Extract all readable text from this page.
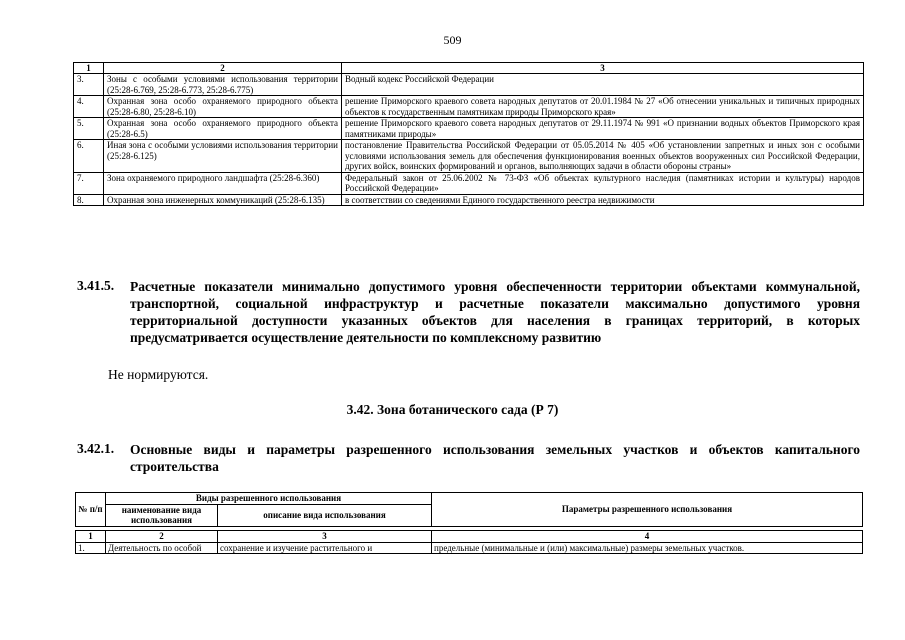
509
1	2	3
3.	Зоны с особыми условиями использования территории (25:28-6.769, 25:28-6.773, 25:28-6.775)	Водный кодекс Российской Федерации
4.	Охранная зона особо охраняемого природного объекта (25:28-6.80, 25:28-6.10)	решение Приморского краевого совета народных депутатов от 20.01.1984 № 27 «Об отнесении уникальных и типичных природных объектов к государственным памятникам природы Приморского края»
5.	Охранная зона особо охраняемого природного объекта (25:28-6.5)	решение Приморского краевого совета народных депутатов от 29.11.1974 № 991 «О признании водных объектов Приморского края памятниками природы»
6.	Иная зона с особыми условиями использования территории (25:28-6.125)	постановление Правительства Российской Федерации от 05.05.2014 № 405 «Об установлении запретных и иных зон с особыми условиями использования земель для обеспечения функционирования военных объектов вооруженных сил Российской Федерации, других войск, воинских формирований и органов, выполняющих задачи в области обороны страны»
7.	Зона охраняемого природного ландшафта (25:28-6.360)	Федеральный закон от 25.06.2002 № 73-ФЗ «Об объектах культурного наследия (памятниках истории и культуры) народов Российской Федерации»
8.	Охранная зона инженерных коммуникаций (25:28-6.135)	в соответствии со сведениями Единого государственного реестра недвижимости
3.41.5. Расчетные показатели минимально допустимого уровня обеспеченности территории объектами коммунальной, транспортной, социальной инфраструктур и расчетные показатели максимально допустимого уровня территориальной доступности указанных объектов для населения в границах территорий, в которых предусматривается осуществление деятельности по комплексному развитию
Не нормируются.
3.42. Зона ботанического сада (Р 7)
3.42.1. Основные виды и параметры разрешенного использования земельных участков и объектов капитального строительства
№ п/п	Виды разрешенного использования		Параметры разрешенного использования
	наименование вида использования	описание вида использования	

1	2	3	4
1.	Деятельность по особой	сохранение и изучение растительного и	предельные (минимальные и (или) максимальные) размеры земельных участков.
